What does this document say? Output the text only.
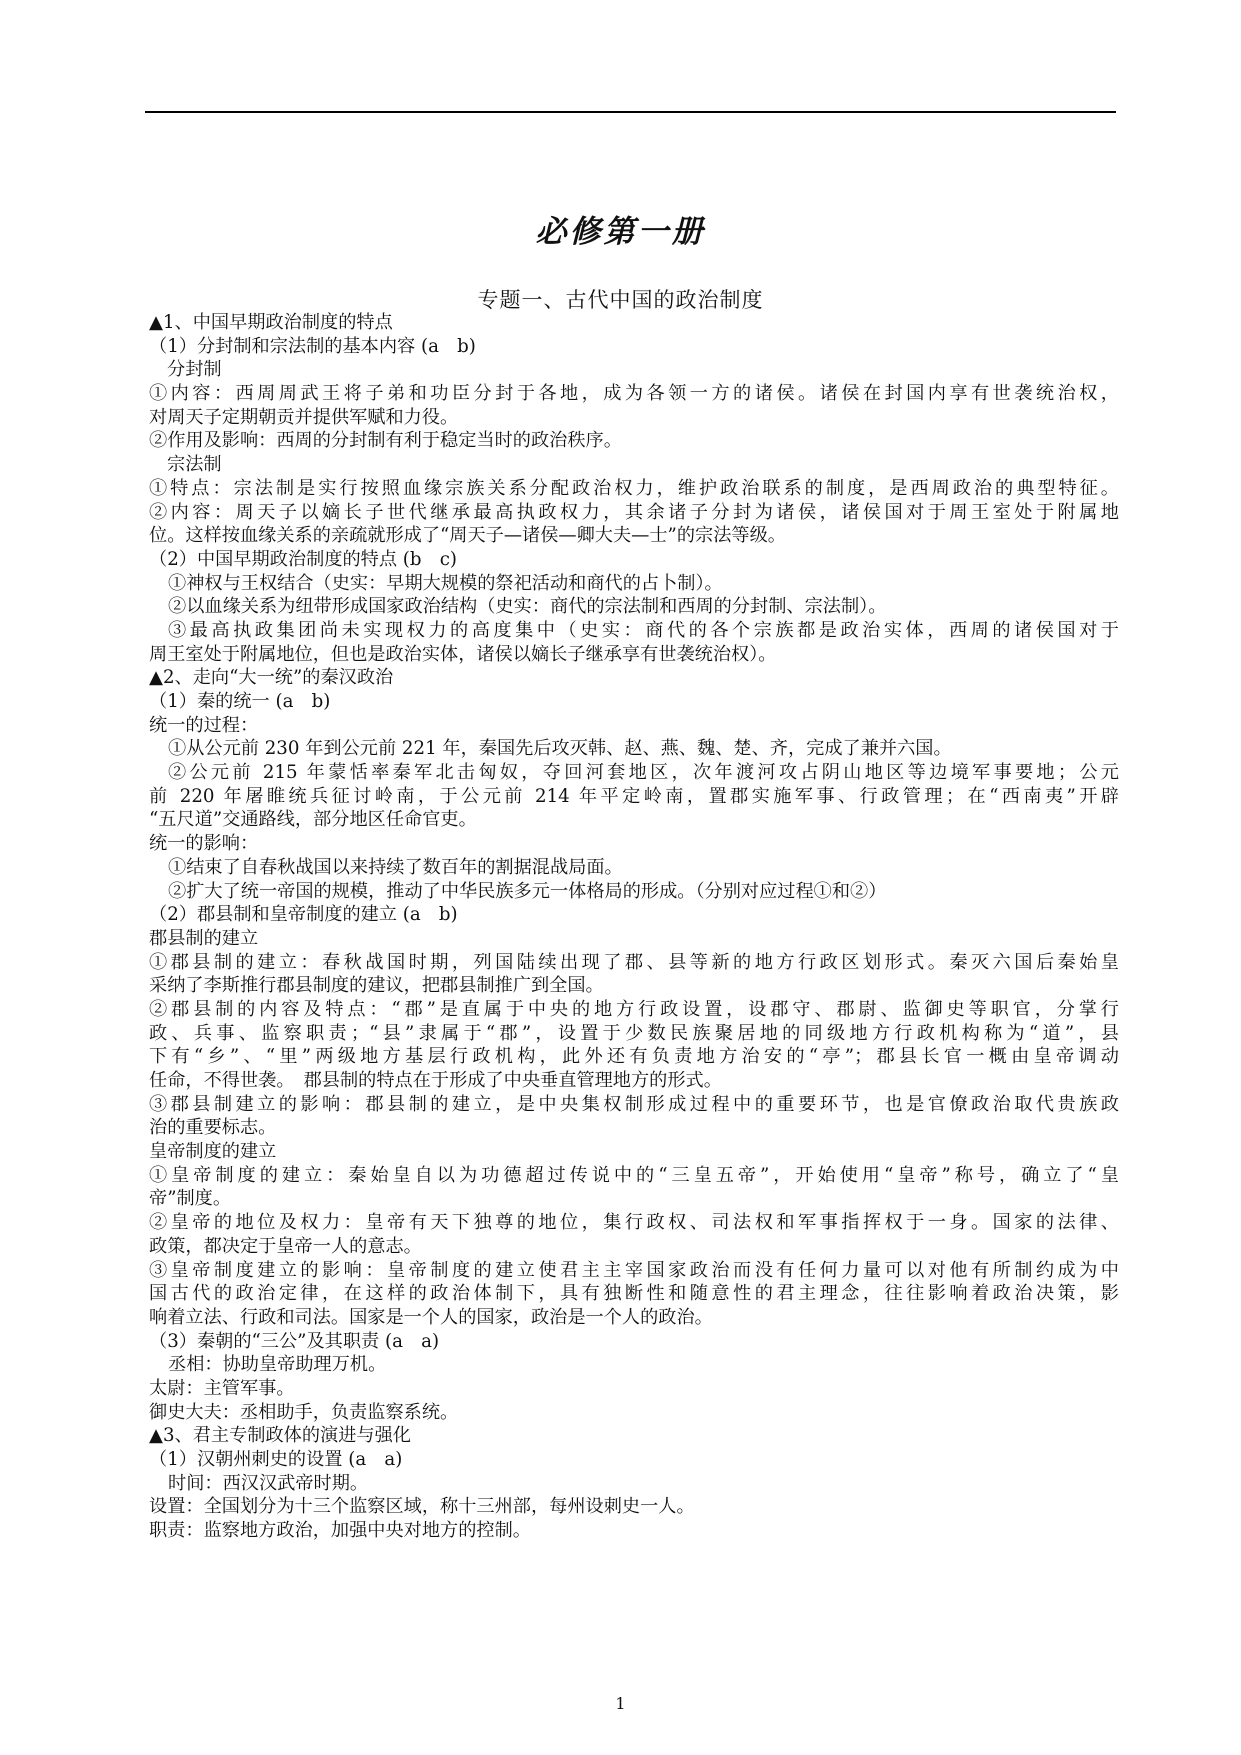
必修第一册
专题一、古代中国的政治制度
▲1、中国早期政治制度的特点
（1）分封制和宗法制的基本内容 (a　b)
分封制
①内容：西周周武王将子弟和功臣分封于各地，成为各领一方的诸侯。诸侯在封国内享有世袭统治权，
对周天子定期朝贡并提供军赋和力役。
②作用及影响：西周的分封制有利于稳定当时的政治秩序。
宗法制
①特点：宗法制是实行按照血缘宗族关系分配政治权力，维护政治联系的制度，是西周政治的典型特征。
②内容：周天子以嫡长子世代继承最高执政权力，其余诸子分封为诸侯，诸侯国对于周王室处于附属地
位。这样按血缘关系的亲疏就形成了“周天子—诸侯—卿大夫—士”的宗法等级。
（2）中国早期政治制度的特点 (b　c)
①神权与王权结合（史实：早期大规模的祭祀活动和商代的占卜制）。
②以血缘关系为纽带形成国家政治结构（史实：商代的宗法制和西周的分封制、宗法制）。
③最高执政集团尚未实现权力的高度集中（史实：商代的各个宗族都是政治实体，西周的诸侯国对于
周王室处于附属地位，但也是政治实体，诸侯以嫡长子继承享有世袭统治权）。
▲2、走向“大一统”的秦汉政治
（1）秦的统一 (a　b)
统一的过程：
①从公元前 230 年到公元前 221 年，秦国先后攻灭韩、赵、燕、魏、楚、齐，完成了兼并六国。
②公元前 215 年蒙恬率秦军北击匈奴，夺回河套地区，次年渡河攻占阴山地区等边境军事要地；公元
前 220 年屠睢统兵征讨岭南，于公元前 214 年平定岭南，置郡实施军事、行政管理；在“西南夷”开辟
“五尺道”交通路线，部分地区任命官吏。
统一的影响：
①结束了自春秋战国以来持续了数百年的割据混战局面。
②扩大了统一帝国的规模，推动了中华民族多元一体格局的形成。（分别对应过程①和②）
（2）郡县制和皇帝制度的建立 (a　b)
郡县制的建立
①郡县制的建立：春秋战国时期，列国陆续出现了郡、县等新的地方行政区划形式。秦灭六国后秦始皇
采纳了李斯推行郡县制度的建议，把郡县制推广到全国。
②郡县制的内容及特点：“郡”是直属于中央的地方行政设置，设郡守、郡尉、监御史等职官，分掌行
政、兵事、监察职责；“县”隶属于“郡”，设置于少数民族聚居地的同级地方行政机构称为“道”，县
下有“乡”、“里”两级地方基层行政机构，此外还有负责地方治安的“亭”；郡县长官一概由皇帝调动
任命，不得世袭。　郡县制的特点在于形成了中央垂直管理地方的形式。
③郡县制建立的影响：郡县制的建立，是中央集权制形成过程中的重要环节，也是官僚政治取代贵族政
治的重要标志。
皇帝制度的建立
①皇帝制度的建立：秦始皇自以为功德超过传说中的“三皇五帝”，开始使用“皇帝”称号，确立了“皇
帝”制度。
②皇帝的地位及权力：皇帝有天下独尊的地位，集行政权、司法权和军事指挥权于一身。国家的法律、
政策，都决定于皇帝一人的意志。
③皇帝制度建立的影响：皇帝制度的建立使君主主宰国家政治而没有任何力量可以对他有所制约成为中
国古代的政治定律，在这样的政治体制下，具有独断性和随意性的君主理念，往往影响着政治决策，影
响着立法、行政和司法。国家是一个人的国家，政治是一个人的政治。
（3）秦朝的“三公”及其职责 (a　a)
丞相：协助皇帝助理万机。
太尉：主管军事。
御史大夫：丞相助手，负责监察系统。
▲3、君主专制政体的演进与强化
（1）汉朝州刺史的设置 (a　a)
时间：西汉汉武帝时期。
设置：全国划分为十三个监察区域，称十三州部，每州设刺史一人。
职责：监察地方政治，加强中央对地方的控制。
1
